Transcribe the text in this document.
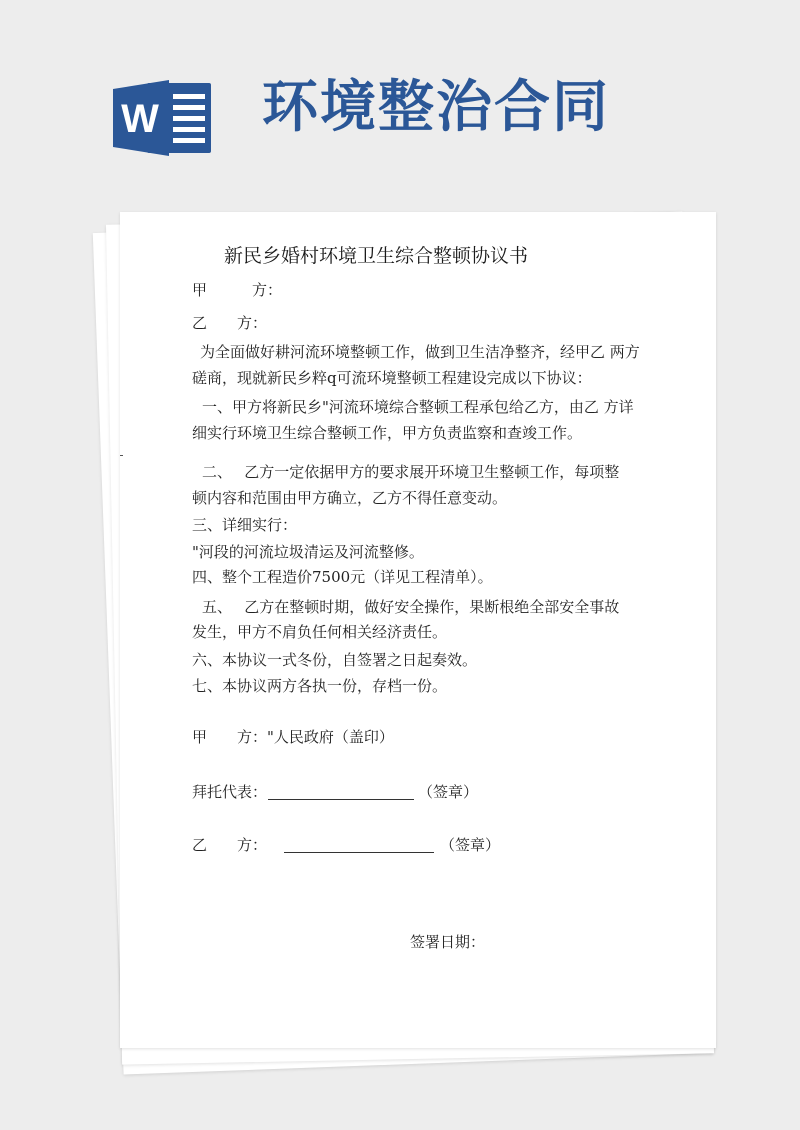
W 环境整治合同
新民乡婚村环境卫生综合整顿协议书
甲　　　方：
乙　　方：
为全面做好耕河流环境整顿工作，做到卫生洁净整齐，经甲乙 两方
磋商，现就新民乡粹q可流环境整顿工程建设完成以下协议：
一、甲方将新民乡"河流环境综合整顿工程承包给乙方，由乙 方详
细实行环境卫生综合整顿工作，甲方负责监察和查竣工作。
二、　 乙方一定依据甲方的要求展开环境卫生整顿工作，每项整
顿内容和范围由甲方确立，乙方不得任意变动。
三、详细实行：
"河段的河流垃圾清运及河流整修。
四、整个工程造价7500元（详见工程清单）。
五、　 乙方在整顿时期，做好安全操作，果断根绝全部安全事故
发生，甲方不肩负任何相关经济责任。
六、本协议一式冬份，自签署之日起奏效。
七、本协议两方各执一份，存档一份。
甲　　方："人民政府（盖印）
拜托代表：	（签章）
乙　　方：	（签章）
签署日期：
